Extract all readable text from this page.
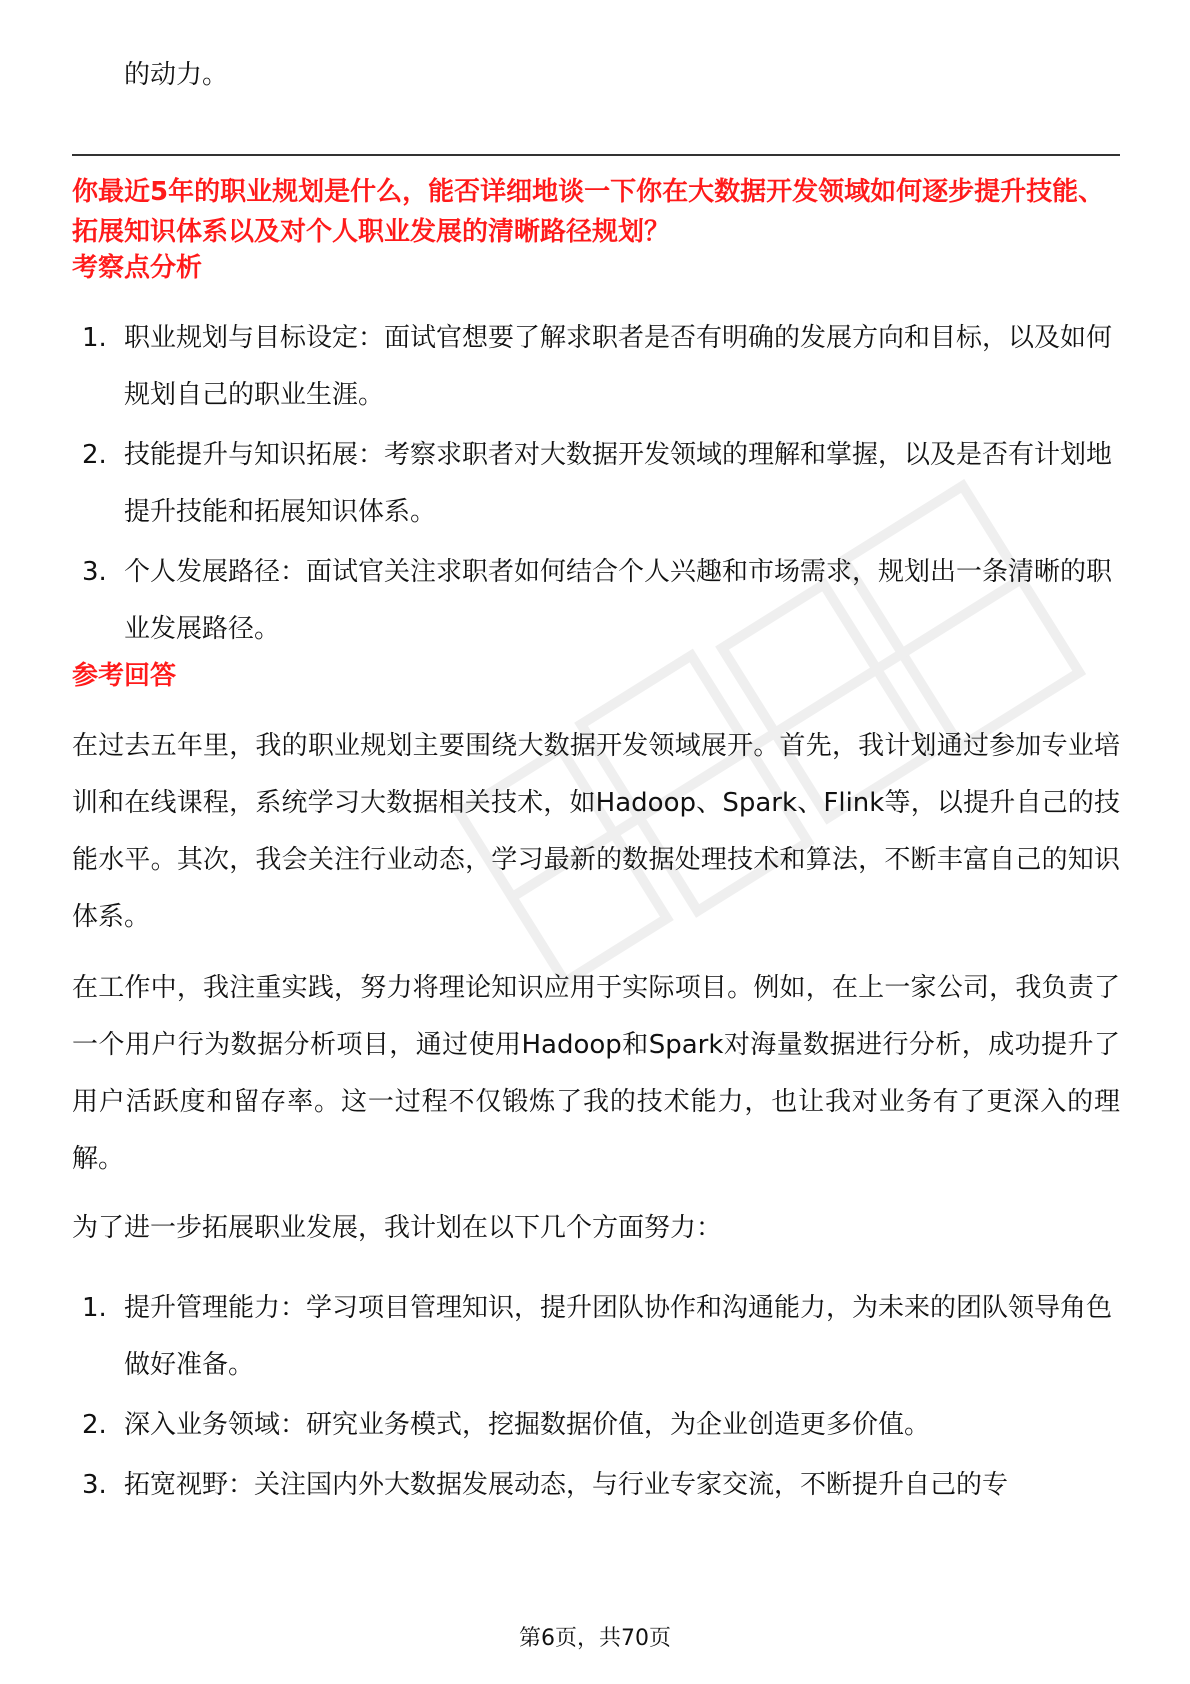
的动力。

你最近5年的职业规划是什么，能否详细地谈一下你在大数据开发领域如何逐步提升技能、拓展知识体系以及对个人职业发展的清晰路径规划？

考察点分析
1. 职业规划与目标设定：面试官想要了解求职者是否有明确的发展方向和目标，以及如何规划自己的职业生涯。
2. 技能提升与知识拓展：考察求职者对大数据开发领域的理解和掌握，以及是否有计划地提升技能和拓展知识体系。
3. 个人发展路径：面试官关注求职者如何结合个人兴趣和市场需求，规划出一条清晰的职业发展路径。
参考回答

在过去五年里，我的职业规划主要围绕大数据开发领域展开。首先，我计划通过参加专业培训和在线课程，系统学习大数据相关技术，如Hadoop、Spark、Flink等，以提升自己的技能水平。其次，我会关注行业动态，学习最新的数据处理技术和算法，不断丰富自己的知识体系。

在工作中，我注重实践，努力将理论知识应用于实际项目。例如，在上一家公司，我负责了一个用户行为数据分析项目，通过使用Hadoop和Spark对海量数据进行分析，成功提升了用户活跃度和留存率。这一过程不仅锻炼了我的技术能力，也让我对业务有了更深入的理解。

为了进一步拓展职业发展，我计划在以下几个方面努力：

1. 提升管理能力：学习项目管理知识，提升团队协作和沟通能力，为未来的团队领导角色做好准备。
2. 深入业务领域：研究业务模式，挖掘数据价值，为企业创造更多价值。
3. 拓宽视野：关注国内外大数据发展动态，与行业专家交流，不断提升自己的专
第6页，共70页
